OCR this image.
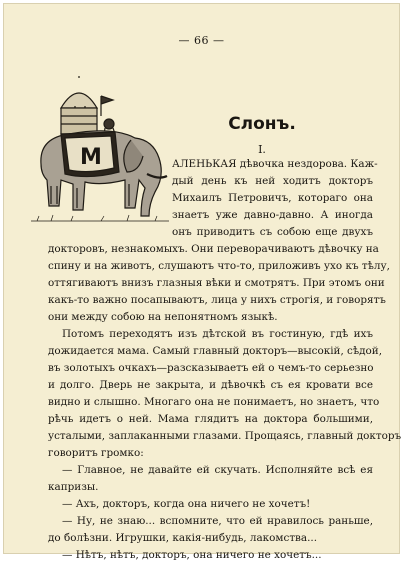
— 66 —
M
Слонъ.
I.
АЛЕНЬКАЯ дѣвочка нездорова. Каж-
дый день къ ней ходитъ докторъ
Михаилъ Петровичъ, котораго она
знаетъ уже давно-давно. А иногда
онъ приводитъ съ собою еще двухъ
докторовъ, незнакомыхъ. Они переворачиваютъ дѣвочку на
спину и на животъ, слушаютъ что-то, приложивъ ухо къ тѣлу,
оттягиваютъ внизъ глазныя вѣки и смотрятъ. При этомъ они
какъ-то важно посапываютъ, лица у нихъ строгія, и говорятъ
они между собою на непонятномъ языкѣ.
Потомъ переходятъ изъ дѣтской въ гостиную, гдѣ ихъ
дожидается мама. Самый главный докторъ—высокій, сѣдой,
въ золотыхъ очкахъ—разсказываетъ ей о чемъ-то серьезно
и долго. Дверь не закрыта, и дѣвочкѣ съ ея кровати все
видно и слышно. Многаго она не понимаетъ, но знаетъ, что
рѣчь идетъ о ней. Мама глядитъ на доктора большими,
усталыми, заплаканными глазами. Прощаясь, главный докторъ
говоритъ громко:
— Главное, не давайте ей скучать. Исполняйте всѣ ея
капризы.
— Ахъ, докторъ, когда она ничего не хочетъ!
— Ну, не знаю... вспомните, что ей нравилось раньше,
до болѣзни. Игрушки, какія-нибудь, лакомства...
— Нѣтъ, нѣтъ, докторъ, она ничего не хочетъ...
